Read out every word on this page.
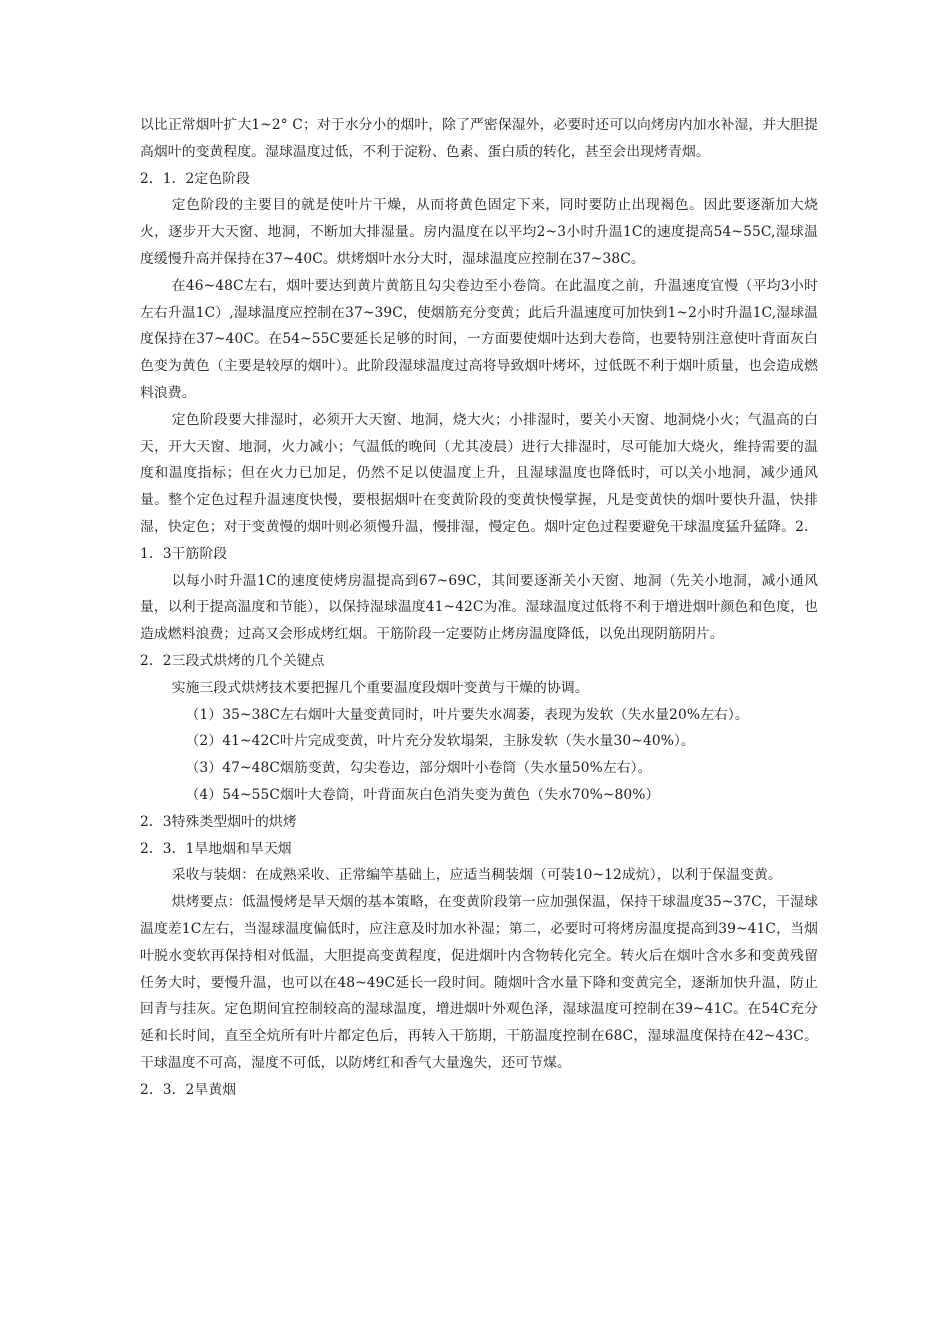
以比正常烟叶扩大1~2° C；对于水分小的烟叶，除了严密保湿外，必要时还可以向烤房内加水补湿，并大胆提高烟叶的变黄程度。湿球温度过低，不利于淀粉、色素、蛋白质的转化，甚至会出现烤青烟。

2．1．2定色阶段

定色阶段的主要目的就是使叶片干燥，从而将黄色固定下来，同时要防止出现褐色。因此要逐渐加大烧火，逐步开大天窗、地洞，不断加大排湿量。房内温度在以平均2~3小时升温1C的速度提高54~55C,湿球温度缓慢升高并保持在37~40C。烘烤烟叶水分大时，湿球温度应控制在37~38C。

在46~48C左右，烟叶要达到黄片黄筋且勾尖卷边至小卷筒。在此温度之前，升温速度宜慢（平均3小时左右升温1C）,湿球温度应控制在37~39C，使烟筋充分变黄；此后升温速度可加快到1~2小时升温1C,湿球温度保持在37~40C。在54~55C要延长足够的时间，一方面要使烟叶达到大卷筒，也要特别注意使叶背面灰白色变为黄色（主要是较厚的烟叶）。此阶段湿球温度过高将导致烟叶烤坏，过低既不利于烟叶质量，也会造成燃料浪费。

定色阶段要大排湿时，必须开大天窗、地洞，烧大火；小排湿时，要关小天窗、地洞烧小火；气温高的白天，开大天窗、地洞，火力减小；气温低的晚间（尤其凌晨）进行大排湿时，尽可能加大烧火，维持需要的温度和温度指标；但在火力已加足，仍然不足以使温度上升，且湿球温度也降低时，可以关小地洞，减少通风量。整个定色过程升温速度快慢，要根据烟叶在变黄阶段的变黄快慢掌握，凡是变黄快的烟叶要快升温，快排湿，快定色；对于变黄慢的烟叶则必须慢升温，慢排湿，慢定色。烟叶定色过程要避免干球温度猛升猛降。2．1．3干筋阶段

以每小时升温1C的速度使烤房温提高到67~69C，其间要逐渐关小天窗、地洞（先关小地洞，减小通风量，以利于提高温度和节能），以保持湿球温度41~42C为准。湿球温度过低将不利于增进烟叶颜色和色度，也造成燃料浪费；过高又会形成烤红烟。干筋阶段一定要防止烤房温度降低，以免出现阴筋阴片。

2．2三段式烘烤的几个关键点

实施三段式烘烤技术要把握几个重要温度段烟叶变黄与干燥的协调。

（1）35~38C左右烟叶大量变黄同时，叶片要失水凋萎，表现为发软（失水量20%左右）。

（2）41~42C叶片完成变黄，叶片充分发软塌架，主脉发软（失水量30~40%）。

（3）47~48C烟筋变黄，勾尖卷边，部分烟叶小卷筒（失水量50%左右）。

（4）54~55C烟叶大卷筒，叶背面灰白色消失变为黄色（失水70%~80%）

2．3特殊类型烟叶的烘烤

2．3．1旱地烟和旱天烟

采收与装烟：在成熟采收、正常编竿基础上，应适当稠装烟（可装10~12成炕），以利于保温变黄。

烘烤要点：低温慢烤是旱天烟的基本策略，在变黄阶段第一应加强保温，保持干球温度35~37C，干湿球温度差1C左右，当湿球温度偏低时，应注意及时加水补湿；第二，必要时可将烤房温度提高到39~41C，当烟叶脱水变软再保持相对低温，大胆提高变黄程度，促进烟叶内含物转化完全。转火后在烟叶含水多和变黄残留任务大时，要慢升温，也可以在48~49C延长一段时间。随烟叶含水量下降和变黄完全，逐渐加快升温，防止回青与挂灰。定色期间宜控制较高的湿球温度，增进烟叶外观色泽，湿球温度可控制在39~41C。在54C充分延和长时间，直至全炕所有叶片都定色后，再转入干筋期，干筋温度控制在68C，湿球温度保持在42~43C。干球温度不可高，湿度不可低，以防烤红和香气大量逸失，还可节煤。

2．3．2旱黄烟
